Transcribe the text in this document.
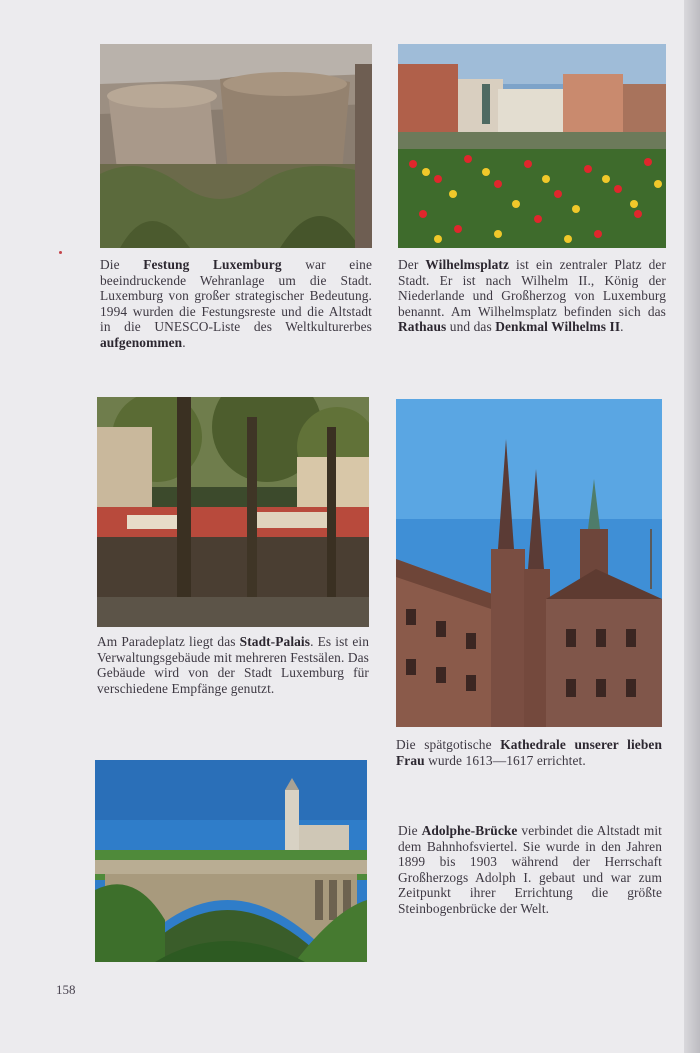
Die Festung Luxemburg war eine beeindruckende Wehranlage um die Stadt. Luxemburg von großer strategischer Bedeutung. 1994 wurden die Festungsreste und die Altstadt in die UNESCO-Liste des Weltkulturerbes aufgenommen.
Der Wilhelmsplatz ist ein zentraler Platz der Stadt. Er ist nach Wilhelm II., König der Niederlande und Großherzog von Luxemburg benannt. Am Wilhelmsplatz befinden sich das Rathaus und das Denkmal Wilhelms II.
Am Paradeplatz liegt das Stadt-Palais. Es ist ein Verwaltungsgebäude mit mehreren Festsälen. Das Gebäude wird von der Stadt Luxemburg für verschiedene Empfänge genutzt.
Die spätgotische Kathedrale unserer lieben Frau wurde 1613—1617 errichtet.
Die Adolphe-Brücke verbindet die Altstadt mit dem Bahnhofsviertel. Sie wurde in den Jahren 1899 bis 1903 während der Herrschaft Großherzogs Adolph I. gebaut und war zum Zeitpunkt ihrer Errichtung die größte Steinbogenbrücke der Welt.
158
